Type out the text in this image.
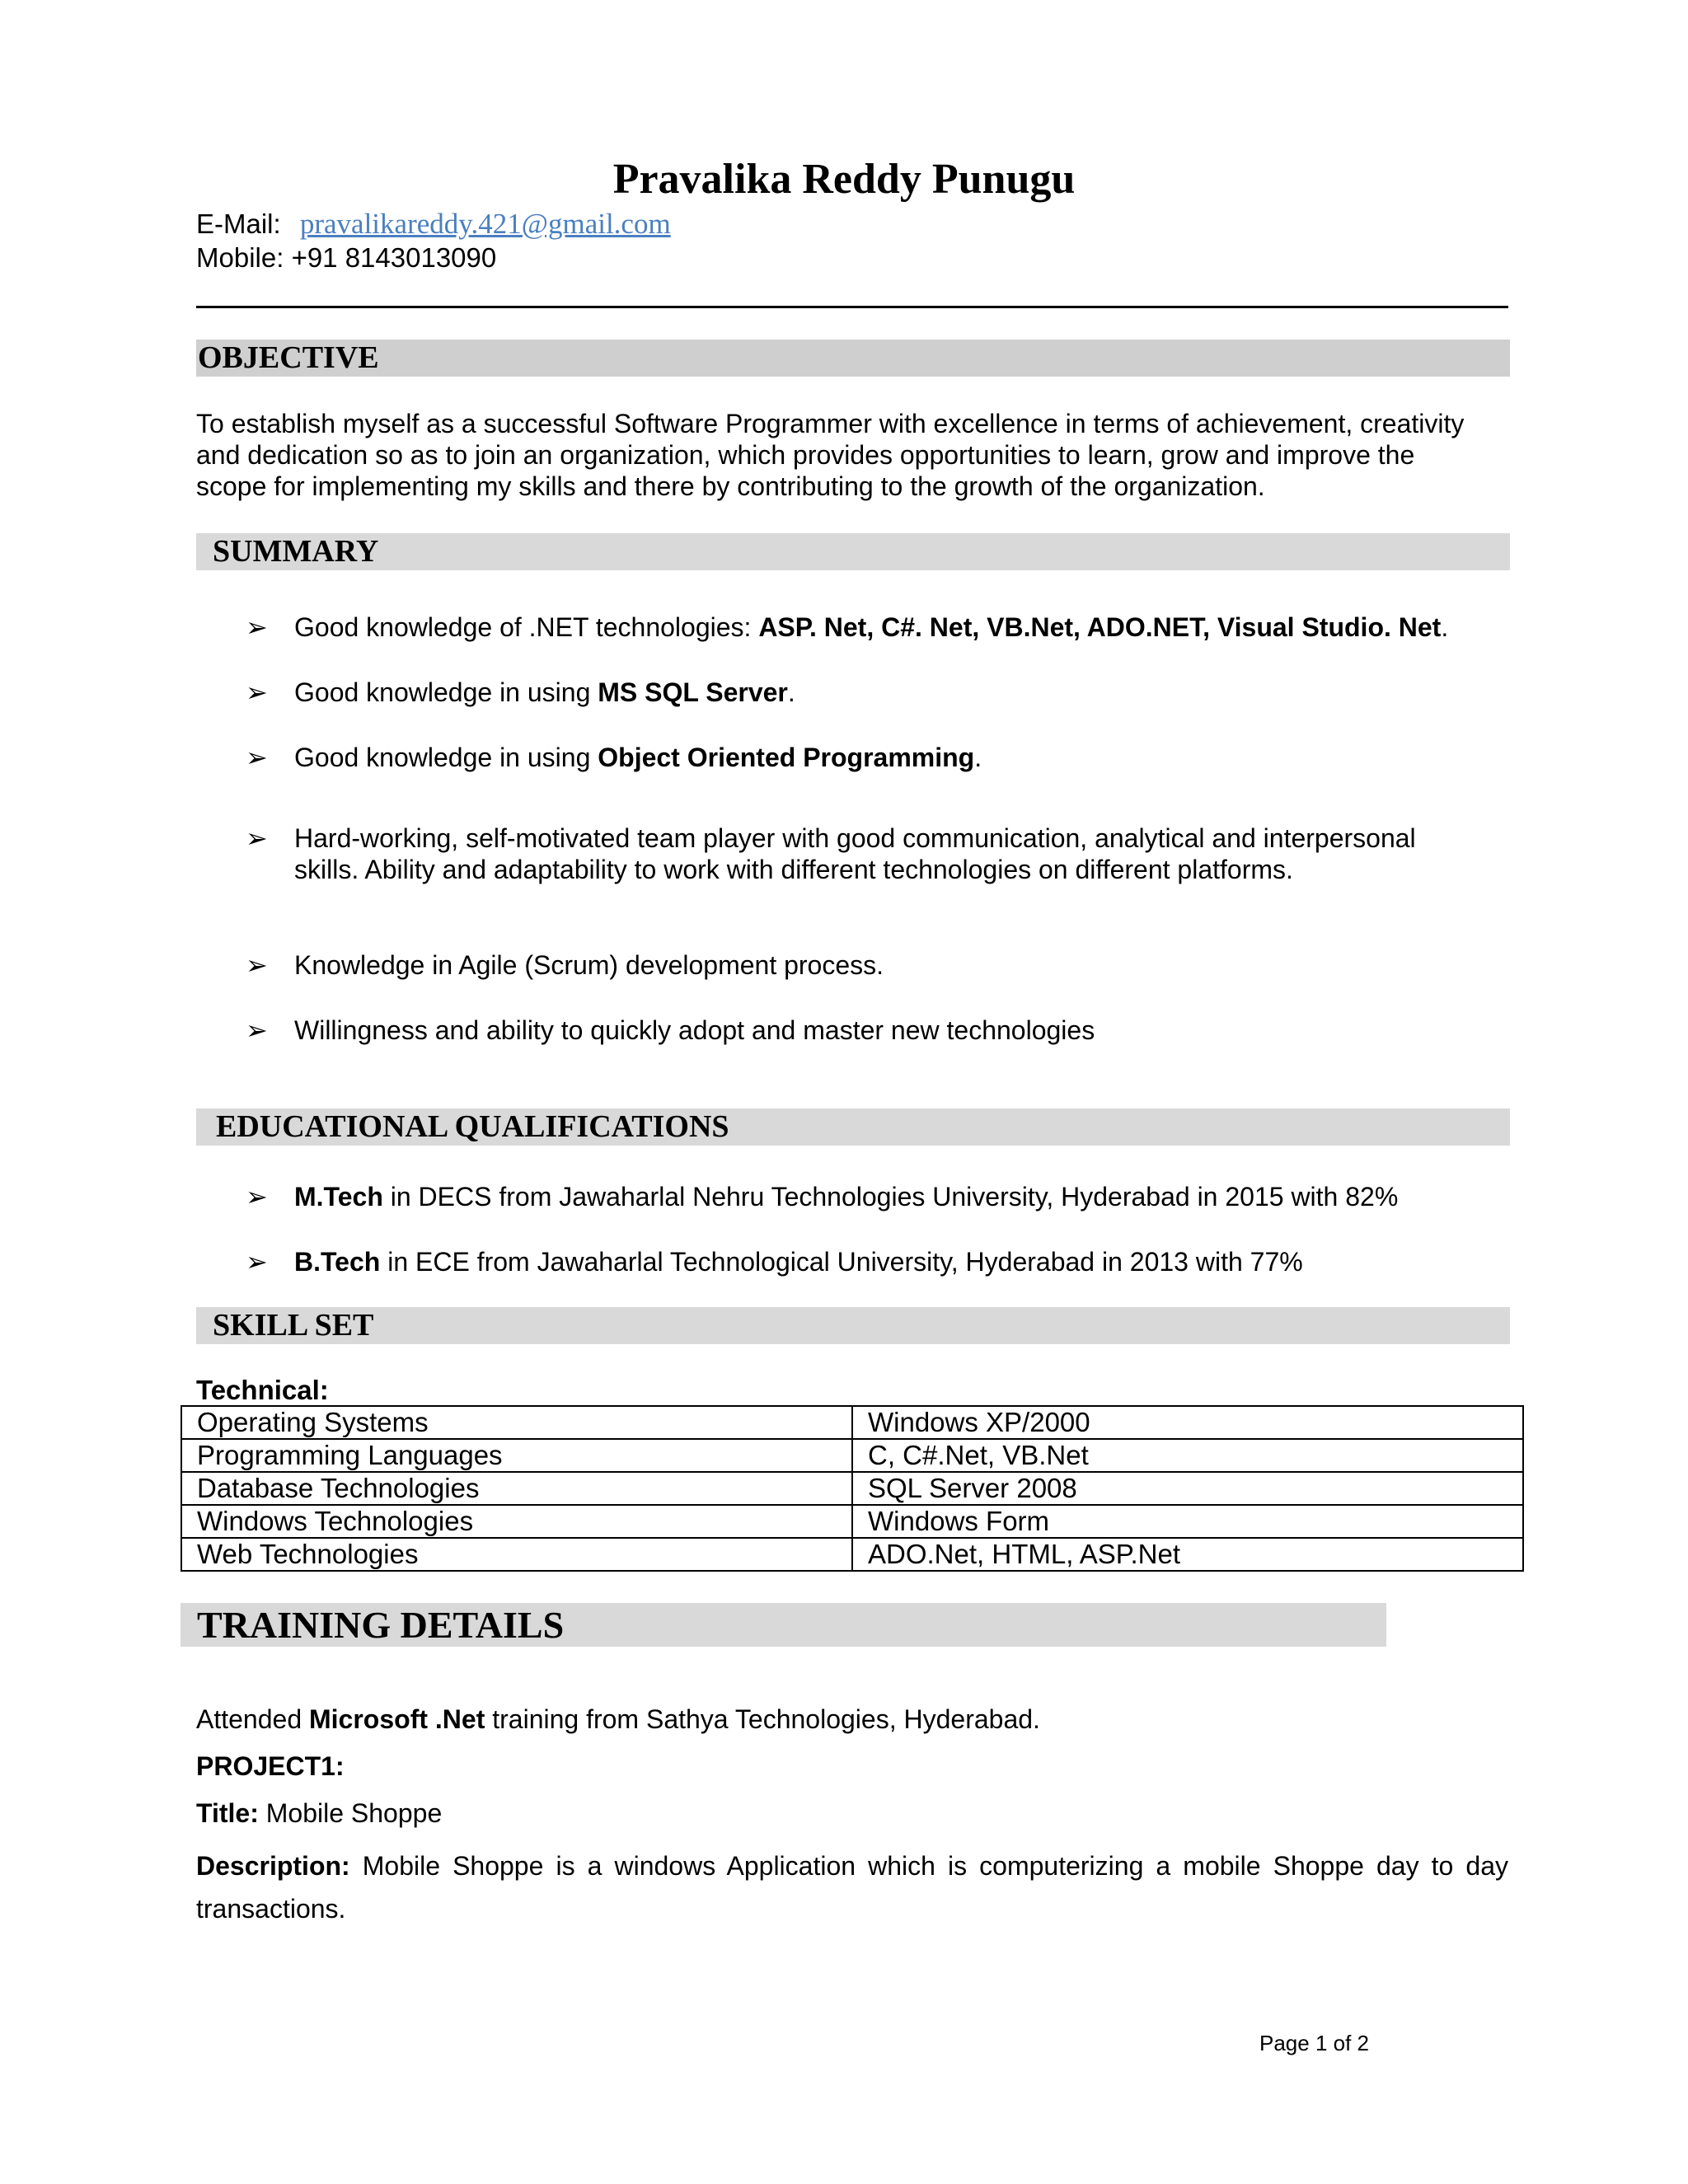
Pravalika Reddy Punugu
E-Mail: pravalikareddy.421@gmail.com
Mobile: +91 8143013090
OBJECTIVE
To establish myself as a successful Software Programmer with excellence in terms of achievement, creativity
and dedication so as to join an organization, which provides opportunities to learn, grow and improve the
scope for implementing my skills and there by contributing to the growth of the organization.
SUMMARY
➢ Good knowledge of .NET technologies: ASP. Net, C#. Net, VB.Net, ADO.NET, Visual Studio. Net.
➢ Good knowledge in using MS SQL Server.
➢ Good knowledge in using Object Oriented Programming.
➢ Hard-working, self-motivated team player with good communication, analytical and interpersonal
skills. Ability and adaptability to work with different technologies on different platforms.
➢ Knowledge in Agile (Scrum) development process.
➢ Willingness and ability to quickly adopt and master new technologies
EDUCATIONAL QUALIFICATIONS
➢ M.Tech in DECS from Jawaharlal Nehru Technologies University, Hyderabad in 2015 with 82%
➢ B.Tech in ECE from Jawaharlal Technological University, Hyderabad in 2013 with 77%
SKILL SET
Technical:
Operating Systems	Windows XP/2000
Programming Languages	C, C#.Net, VB.Net
Database Technologies	SQL Server 2008
Windows Technologies	Windows Form
Web Technologies	ADO.Net, HTML, ASP.Net
TRAINING DETAILS
Attended Microsoft .Net training from Sathya Technologies, Hyderabad.
PROJECT1:
Title: Mobile Shoppe
Description: Mobile Shoppe is a windows Application which is computerizing a mobile Shoppe day to day
transactions.
Page 1 of 2
